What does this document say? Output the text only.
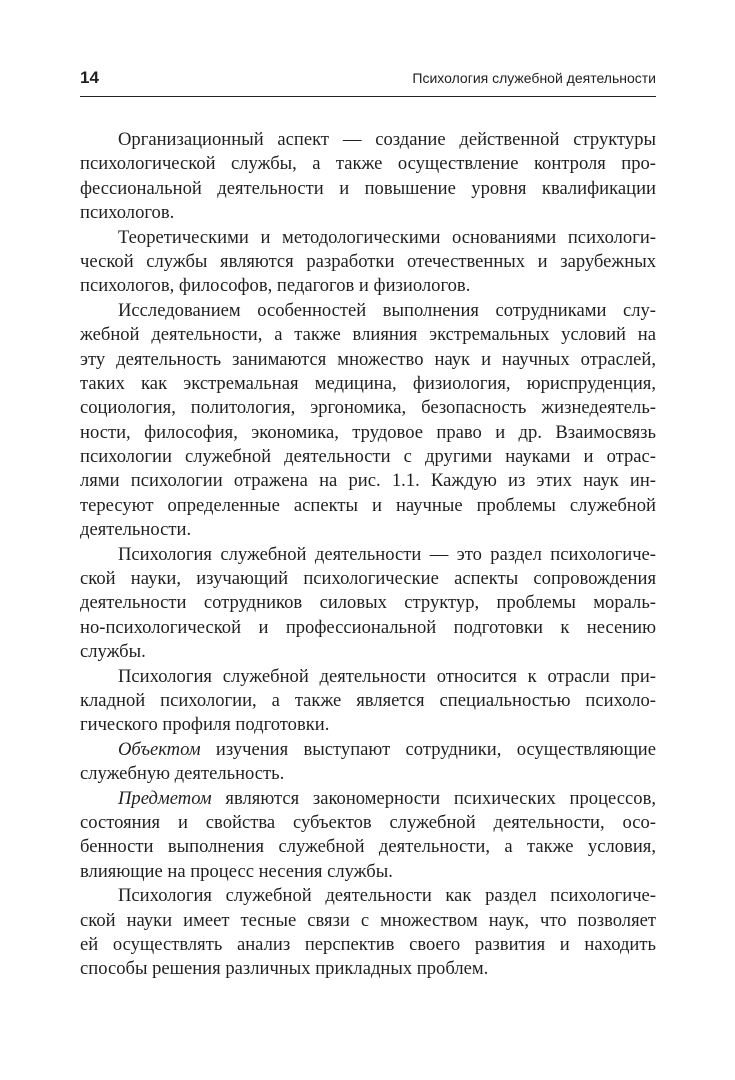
14	Психология служебной деятельности

Организационный аспект — создание действенной структуры
психологической службы, а также осуществление контроля про-
фессиональной деятельности и повышение уровня квалификации
психологов.

Теоретическими и методологическими основаниями психологи-
ческой службы являются разработки отечественных и зарубежных
психологов, философов, педагогов и физиологов.

Исследованием особенностей выполнения сотрудниками слу-
жебной деятельности, а также влияния экстремальных условий на
эту деятельность занимаются множество наук и научных отраслей,
таких как экстремальная медицина, физиология, юриспруденция,
социология, политология, эргономика, безопасность жизнедеятель-
ности, философия, экономика, трудовое право и др. Взаимосвязь
психологии служебной деятельности с другими науками и отрас-
лями психологии отражена на рис. 1.1. Каждую из этих наук ин-
тересуют определенные аспекты и научные проблемы служебной
деятельности.

Психология служебной деятельности — это раздел психологиче-
ской науки, изучающий психологические аспекты сопровождения
деятельности сотрудников силовых структур, проблемы мораль-
но-психологической и профессиональной подготовки к несению
службы.

Психология служебной деятельности относится к отрасли при-
кладной психологии, а также является специальностью психоло-
гического профиля подготовки.

Объектом изучения выступают сотрудники, осуществляющие
служебную деятельность.

Предметом являются закономерности психических процессов,
состояния и свойства субъектов служебной деятельности, осо-
бенности выполнения служебной деятельности, а также условия,
влияющие на процесс несения службы.

Психология служебной деятельности как раздел психологиче-
ской науки имеет тесные связи с множеством наук, что позволяет
ей осуществлять анализ перспектив своего развития и находить
способы решения различных прикладных проблем.
